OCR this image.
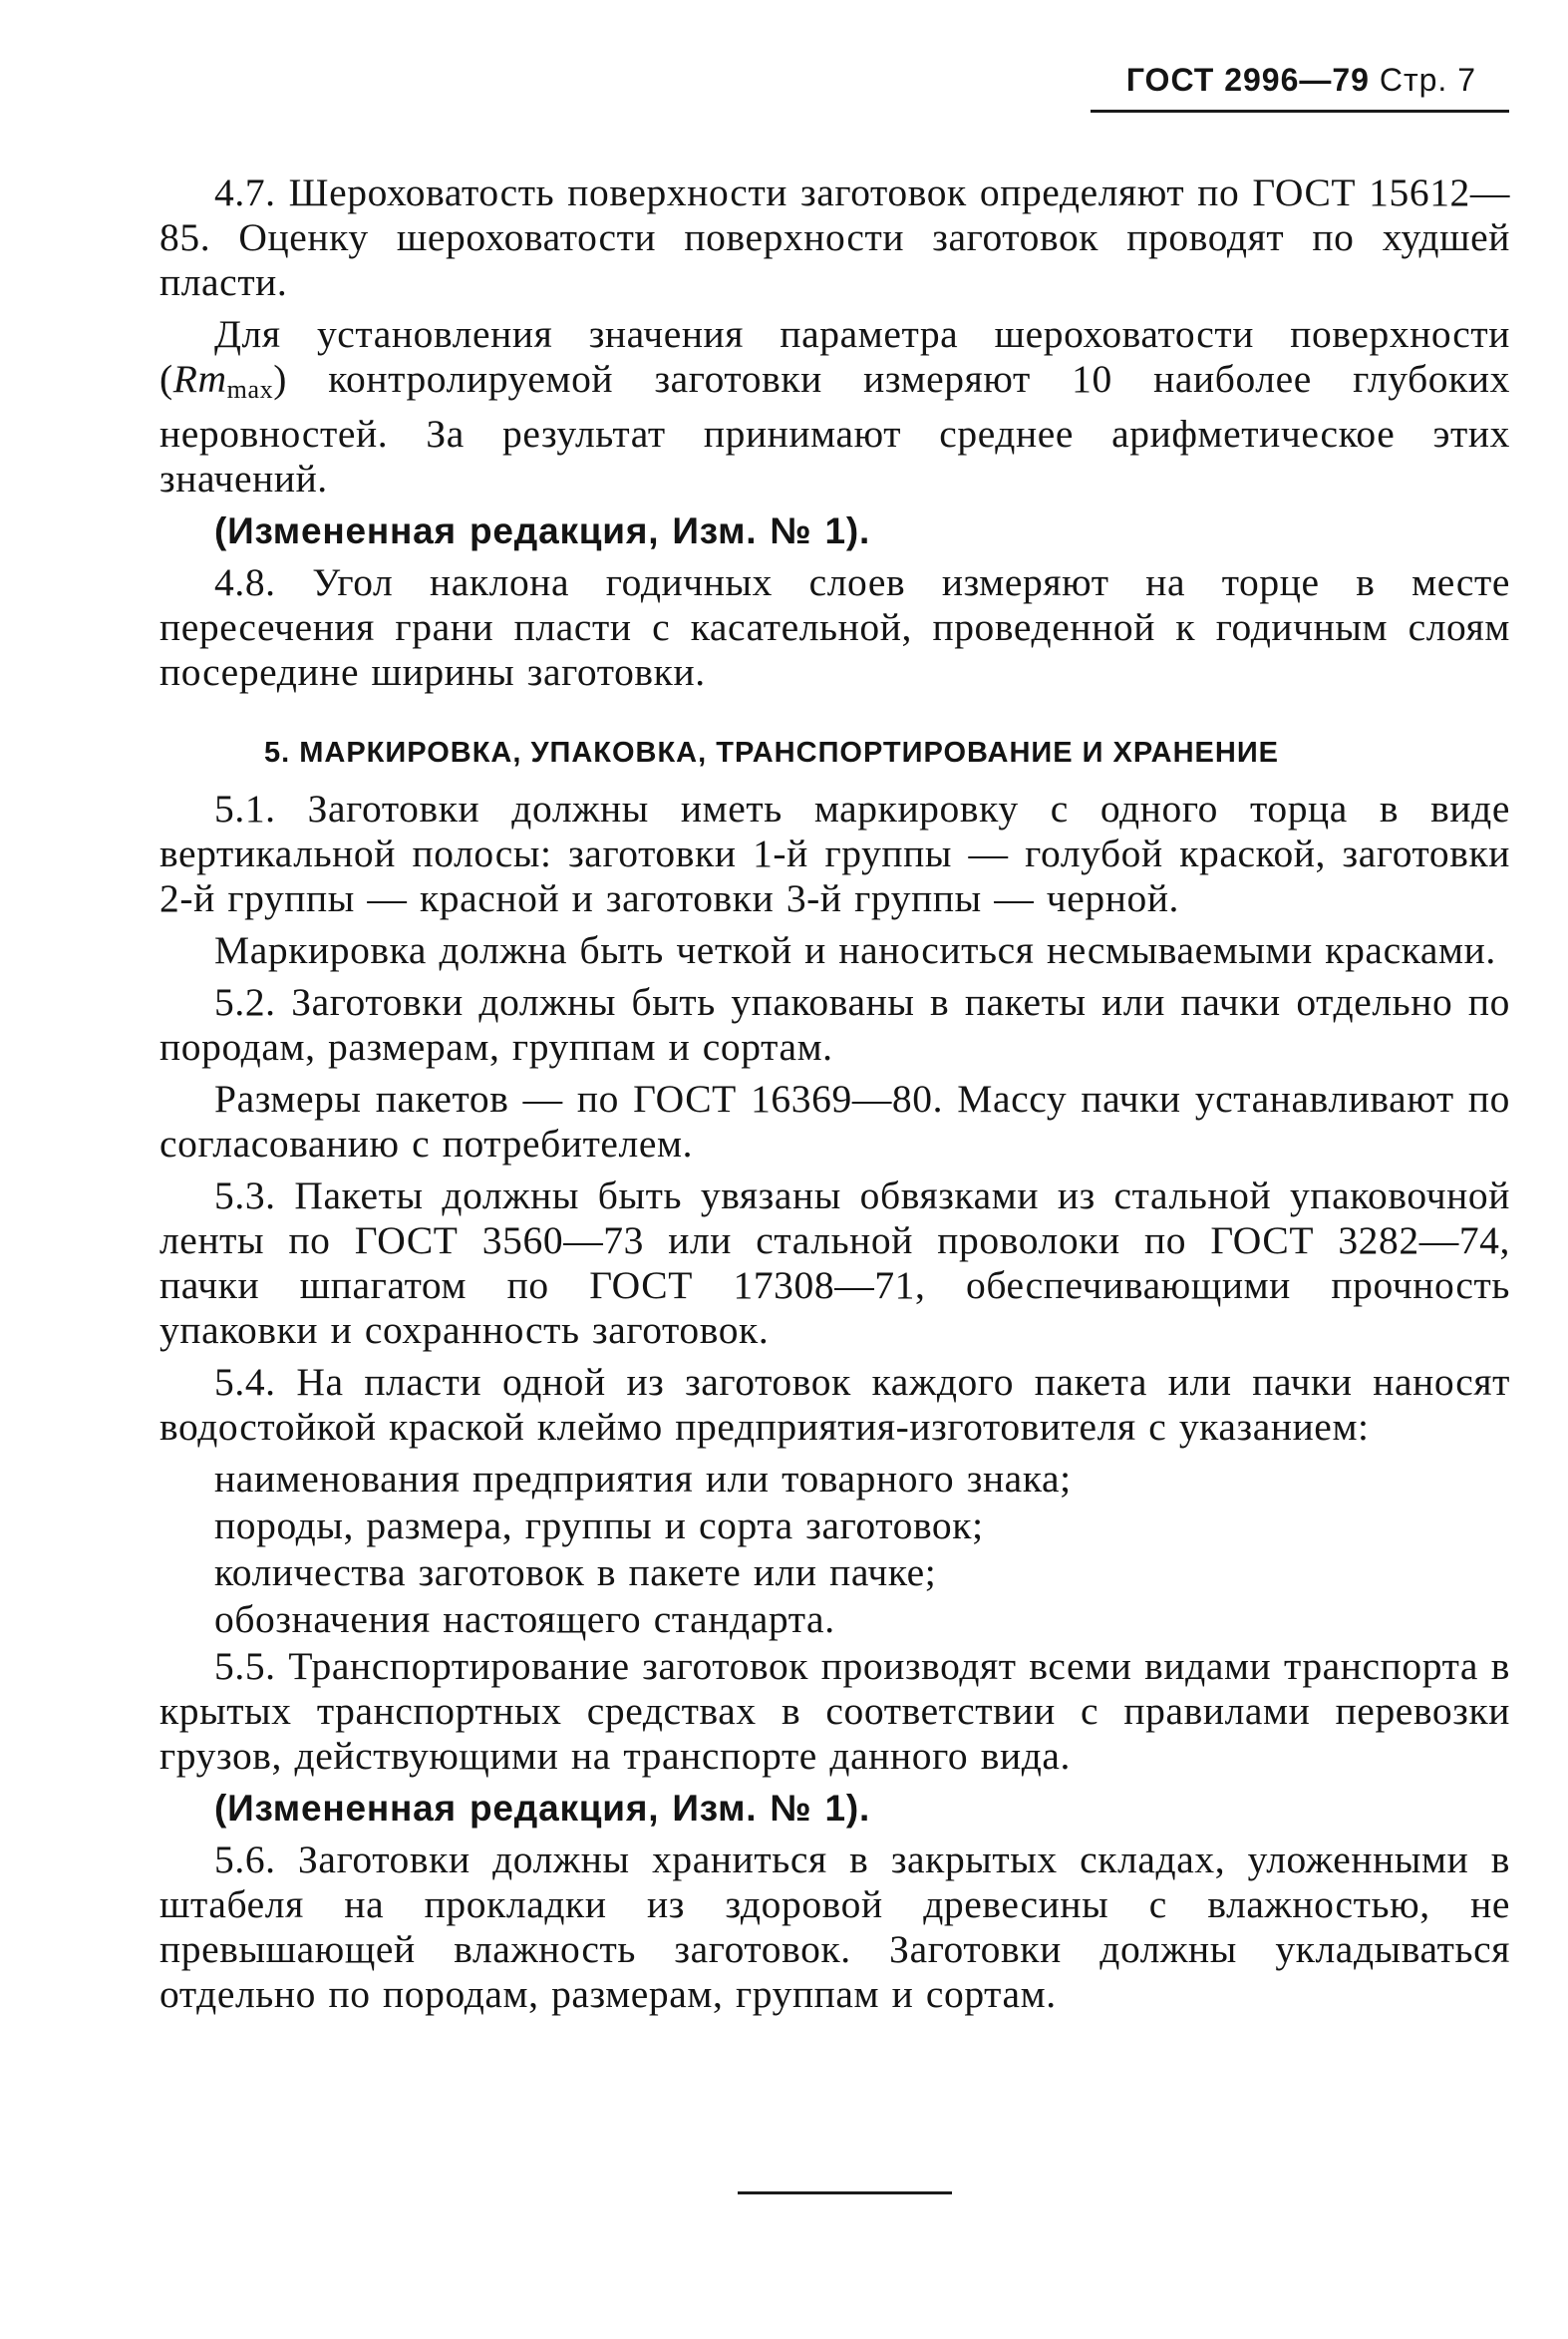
ГОСТ 2996—79 Стр. 7

4.7. Шероховатость поверхности заготовок определяют по ГОСТ 15612—85. Оценку шероховатости поверхности заготовок проводят по худшей пласти.

Для установления значения параметра шероховатости поверхности $(Rm_{max})$ контролируемой заготовки измеряют 10 наиболее глубоких неровностей. За результат принимают среднее арифметическое этих значений.

(Измененная редакция, Изм. № 1).

4.8. Угол наклона годичных слоев измеряют на торце в месте пересечения грани пласти с касательной, проведенной к годичным слоям посередине ширины заготовки.

5. МАРКИРОВКА, УПАКОВКА, ТРАНСПОРТИРОВАНИЕ И ХРАНЕНИЕ

5.1. Заготовки должны иметь маркировку с одного торца в виде вертикальной полосы: заготовки 1-й группы — голубой краской, заготовки 2-й группы — красной и заготовки 3-й группы — черной.

Маркировка должна быть четкой и наноситься несмываемыми красками.

5.2. Заготовки должны быть упакованы в пакеты или пачки отдельно по породам, размерам, группам и сортам.

Размеры пакетов — по ГОСТ 16369—80. Массу пачки устанавливают по согласованию с потребителем.

5.3. Пакеты должны быть увязаны обвязками из стальной упаковочной ленты по ГОСТ 3560—73 или стальной проволоки по ГОСТ 3282—74, пачки шпагатом по ГОСТ 17308—71, обеспечивающими прочность упаковки и сохранность заготовок.

5.4. На пласти одной из заготовок каждого пакета или пачки наносят водостойкой краской клеймо предприятия-изготовителя с указанием:

наименования предприятия или товарного знака;
породы, размера, группы и сорта заготовок;
количества заготовок в пакете или пачке;
обозначения настоящего стандарта.

5.5. Транспортирование заготовок производят всеми видами транспорта в крытых транспортных средствах в соответствии с правилами перевозки грузов, действующими на транспорте данного вида.

(Измененная редакция, Изм. № 1).

5.6. Заготовки должны храниться в закрытых складах, уложенными в штабеля на прокладки из здоровой древесины с влажностью, не превышающей влажность заготовок. Заготовки должны укладываться отдельно по породам, размерам, группам и сортам.
